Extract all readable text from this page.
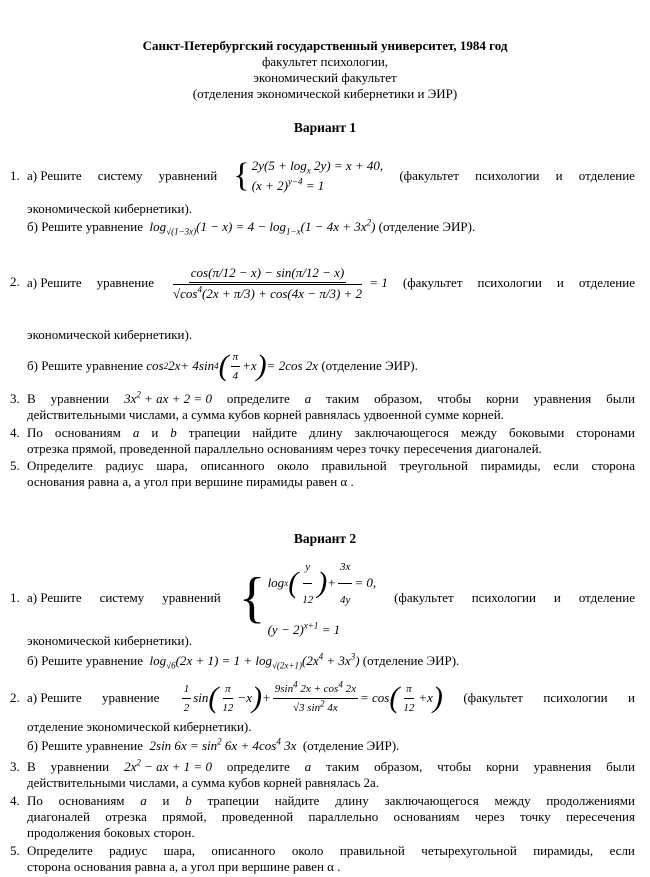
Санкт-Петербургский государственный университет, 1984 год
факультет психологии,
экономический факультет
(отделения экономической кибернетики и ЭИР)
Вариант 1
1. а) Решите систему уравнений { $2y(5 + \log_x 2y) = x + 40$,
$(x + 2)^{y-4} = 1$
(факультет психологии и отделение
экономической кибернетики).
б) Решите уравнение  $\log_{√(1-3x)}(1 - x) = 4 - \log_{1-x}(1 - 4x + 3x^2)$ (отделение ЭИР).
2. а) Решите уравнение $\frac{\cos(\pi/12 - x) - \sin(\pi/12 - x)}{√\cos^4(2x + \pi/3) + \cos(4x - \pi/3) + 2} = 1$ (факультет психологии и отделение
экономической кибернетики).
б) Решите уравнение cos 2 2 x + 4sin 4 ( $\frac{\pi}{4} + x$ ) = 2cos 2 x
(отделение ЭИР).
3. В уравнении $3x^2$ + ax + 2 = 0 определите a таким образом, чтобы корни уравнения были
действительными числами, а сумма кубов корней равнялась удвоенной сумме корней.
4. По основаниям a и b трапеции найдите длину заключающегося между боковыми сторонами
отрезка прямой, проведенной параллельно основаниям через точку пересечения диагоналей.
5. Определите радиус шара, описанного около правильной треугольной пирамиды, если сторона
основания равна a, а угол при вершине пирамиды равен α .
Вариант 2
1. а) Решите систему уравнений { log x ( $\frac{y}{12}$ ) + $\frac{3x}{4y} = 0$,
$(y - 2)^{x+1} = 1$
(факультет психологии и отделение
экономической кибернетики).
б) Решите уравнение  $\log_{√6}(2x + 1) = 1 + \log_{√(2x+1)}(2x^4 + 3x^3)$ (отделение ЭИР).
2. а) Решите уравнение $\frac{1}{2}$ sin ( $\frac{\pi}{12} - x$ ) + $\frac{9\sin^4 2x + \cos^4 2x}{√3 \sin^2 4x} = \cos$ ( $\frac{\pi}{12} + x$ ) (факультет психологии и
отделение экономической кибернетики).
б) Решите уравнение  2sin $6x = \sin^2 6x + 4\cos^4$ 3x (отделение ЭИР).
3. В уравнении $2x^2$ − ax + 1 = 0 определите a таким образом, чтобы корни уравнения были
действительными числами, а сумма кубов корней равнялась 2a.
4. По основаниям a и b трапеции найдите длину заключающегося между продолжениями
диагоналей отрезка прямой, проведенной параллельно основаниям через точку пересечения
продолжения боковых сторон.
5. Определите радиус шара, описанного около правильной четырехугольной пирамиды, если
сторона основания равна a, а угол при вершине равен α .
